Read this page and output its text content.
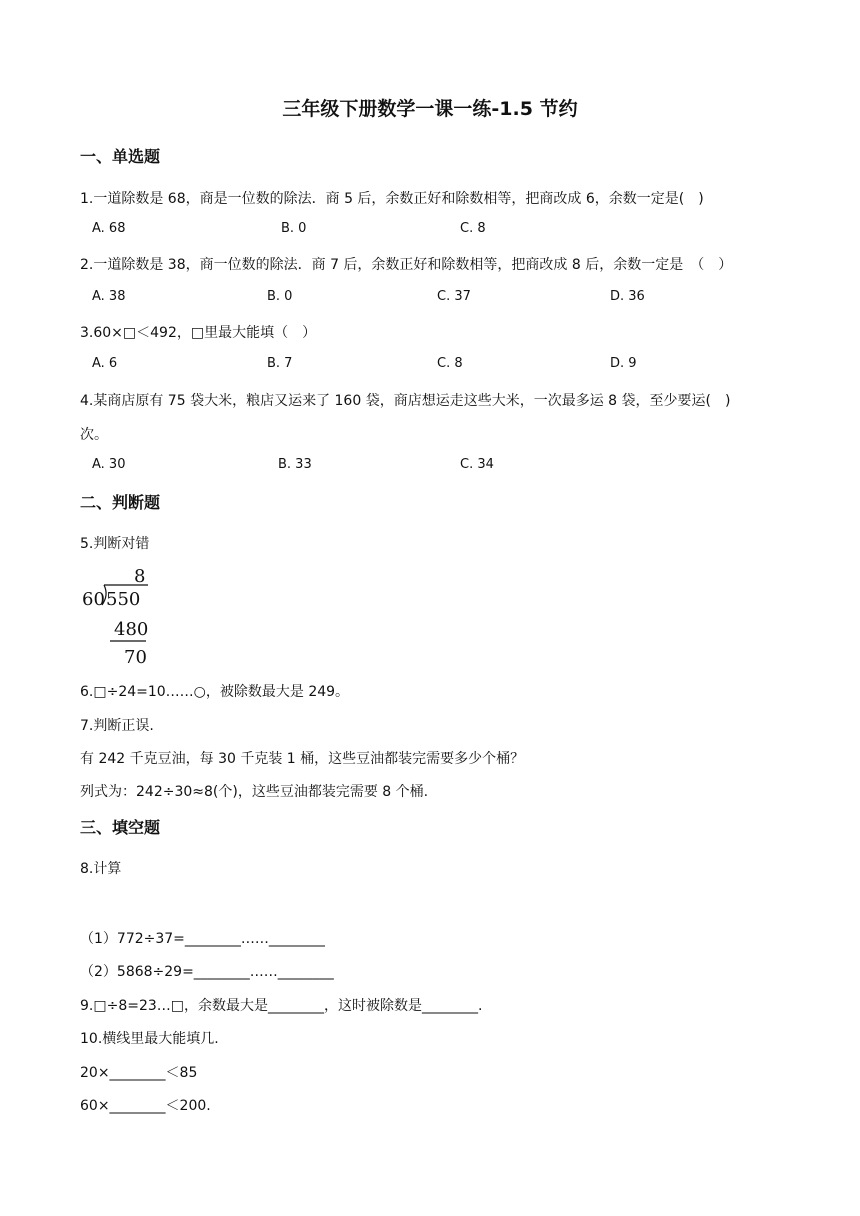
三年级下册数学一课一练-1.5 节约
一、单选题
1.一道除数是 68，商是一位数的除法．商 5 后，余数正好和除数相等，把商改成 6，余数一定是(　)
A. 68	B. 0	C. 8
2.一道除数是 38，商一位数的除法．商 7 后，余数正好和除数相等，把商改成 8 后，余数一定是　（　）
A. 38	B. 0	C. 37	D. 36
3.60×□＜492，□里最大能填（　）
A. 6	B. 7	C. 8	D. 9
4.某商店原有 75 袋大米，粮店又运来了 160 袋，商店想运走这些大米，一次最多运 8 袋，至少要运(　)
次。
A. 30	B. 33	C. 34
二、判断题
5.判断对错
8
60 550
480
70
6.□÷24=10……○，被除数最大是 249。
7.判断正误.
有 242 千克豆油，每 30 千克装 1 桶，这些豆油都装完需要多少个桶？
列式为：242÷30≈8(个)，这些豆油都装完需要 8 个桶.
三、填空题
8.计算
（1）772÷37=________……________
（2）5868÷29=________……________
9.□÷8=23…□，余数最大是________，这时被除数是________.
10.横线里最大能填几.
20×________＜85
60×________＜200.
